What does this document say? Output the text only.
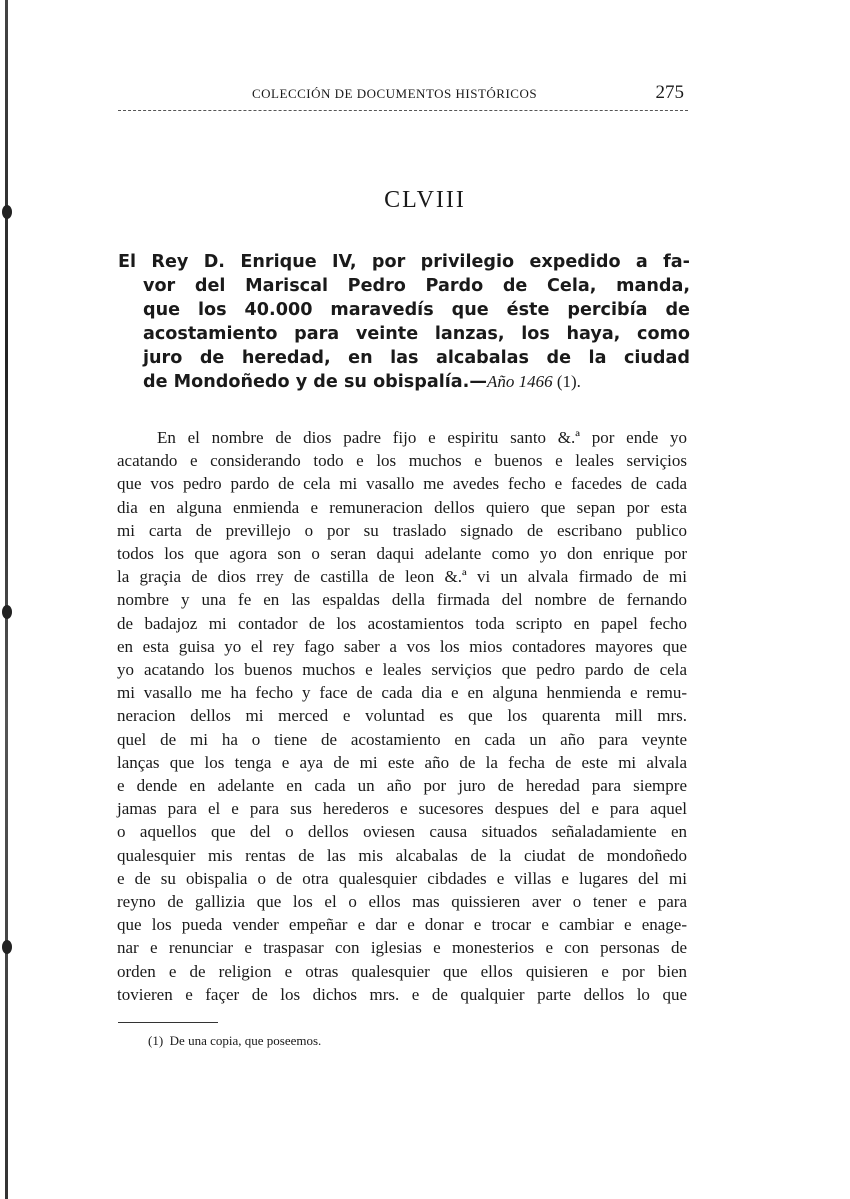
COLECCIÓN DE DOCUMENTOS HISTÓRICOS	275
CLVIII
El Rey D. Enrique IV, por privilegio expedido a fa-
vor del Mariscal Pedro Pardo de Cela, manda,
que los 40.000 maravedís que éste percibía de
acostamiento para veinte lanzas, los haya, como
juro de heredad, en las alcabalas de la ciudad
de Mondoñedo y de su obispalía.—Año 1466 (1).
En el nombre de dios padre fijo e espiritu santo &.ª por ende yo
acatando e considerando todo e los muchos e buenos e leales serviçios
que vos pedro pardo de cela mi vasallo me avedes fecho e facedes de cada
dia en alguna enmienda e remuneracion dellos quiero que sepan por esta
mi carta de previllejo o por su traslado signado de escribano publico
todos los que agora son o seran daqui adelante como yo don enrique por
la graçia de dios rrey de castilla de leon &.ª vi un alvala firmado de mi
nombre y una fe en las espaldas della firmada del nombre de fernando
de badajoz mi contador de los acostamientos toda scripto en papel fecho
en esta guisa yo el rey fago saber a vos los mios contadores mayores que
yo acatando los buenos muchos e leales serviçios que pedro pardo de cela
mi vasallo me ha fecho y face de cada dia e en alguna henmienda e remu-
neracion dellos mi merced e voluntad es que los quarenta mill mrs.
quel de mi ha o tiene de acostamiento en cada un año para veynte
lanças que los tenga e aya de mi este año de la fecha de este mi alvala
e dende en adelante en cada un año por juro de heredad para siempre
jamas para el e para sus herederos e sucesores despues del e para aquel
o aquellos que del o dellos oviesen causa situados señaladamiente en
qualesquier mis rentas de las mis alcabalas de la ciudat de mondoñedo
e de su obispalia o de otra qualesquier cibdades e villas e lugares del mi
reyno de gallizia que los el o ellos mas quissieren aver o tener e para
que los pueda vender empeñar e dar e donar e trocar e cambiar e enage-
nar e renunciar e traspasar con iglesias e monesterios e con personas de
orden e de religion e otras qualesquier que ellos quisieren e por bien
tovieren e façer de los dichos mrs. e de qualquier parte dellos lo que
(1) De una copia, que poseemos.
